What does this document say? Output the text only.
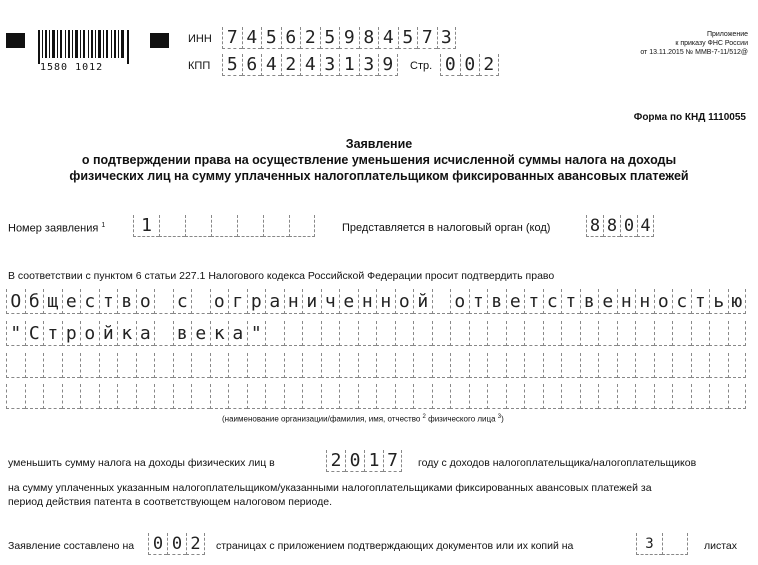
1580 1012
ИНН 7 4 5 6 2 5 9 8 4 5 7 3
КПП 5 6 4 2 4 3 1 3 9	Стр. 0 0 2
Приложение
к приказу ФНС России
от 13.11.2015 № ММВ-7-11/512@
Форма по КНД 1110055
Заявление
о подтверждении права на осуществление уменьшения исчисленной суммы налога на доходы
физических лиц на сумму уплаченных налогоплательщиком фиксированных авансовых платежей
Номер заявления $^1$	1	Представляется в налоговый орган (код) 8 8 0 4
В соответствии с пунктом 6 статьи 227.1 Налогового кодекса Российской Федерации просит подтвердить право
О б щ е с т в о с о г р а н и ч е н н о й о т в е т с т в е н н о с т ь ю
" С т р о й к а в е к а "
(наименование организации/фамилия, имя, отчество $^2$ физического лица $^3$)
уменьшить сумму налога на доходы физических лиц в	2 0 1 7	году с доходов налогоплательщика/налогоплательщиков
на сумму уплаченных указанным налогоплательщиком/указанными налогоплательщиками фиксированных авансовых платежей за
период действия патента в соответствующем налоговом периоде.
Заявление составлено на 0 0 2	страницах с приложением подтверждающих документов или их копий на	3	листах
